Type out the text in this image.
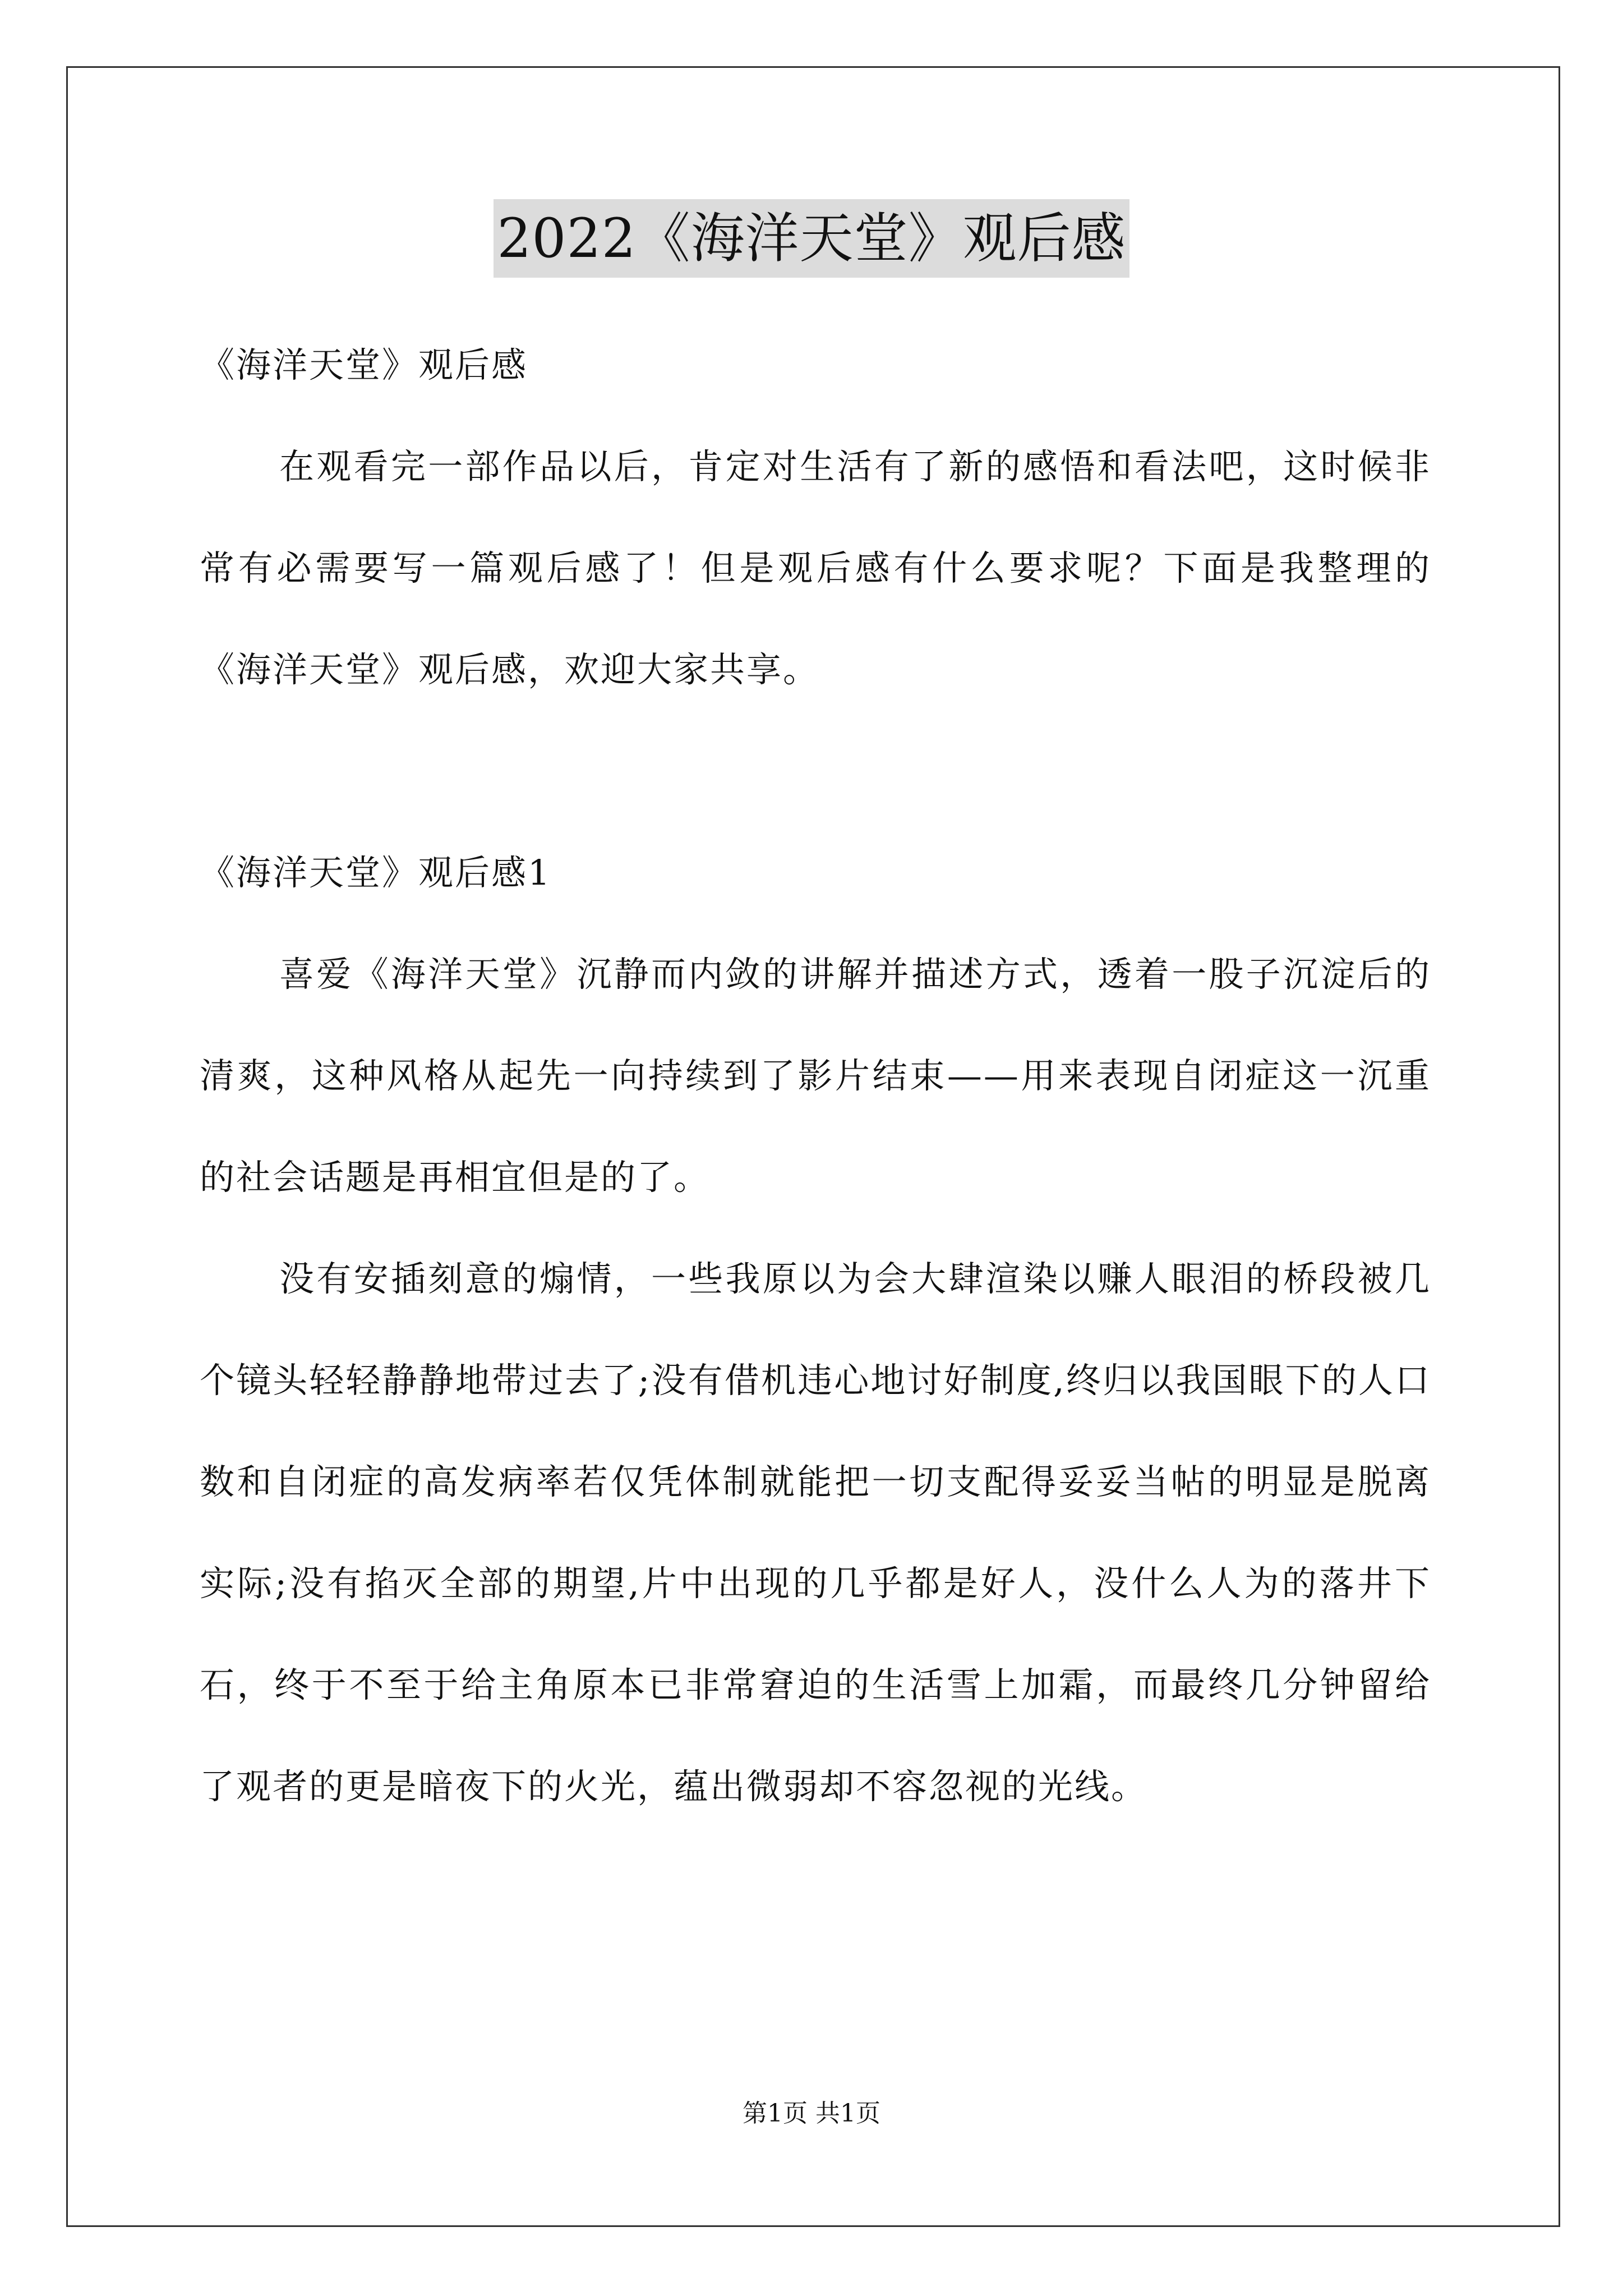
2022《海洋天堂》观后感

《海洋天堂》观后感

在观看完一部作品以后，肯定对生活有了新的感悟和看法吧，这时候非常有必需要写一篇观后感了！但是观后感有什么要求呢？下面是我整理的《海洋天堂》观后感，欢迎大家共享。

《海洋天堂》观后感1

喜爱《海洋天堂》沉静而内敛的讲解并描述方式，透着一股子沉淀后的清爽，这种风格从起先一向持续到了影片结束——用来表现自闭症这一沉重的社会话题是再相宜但是的了。

没有安插刻意的煽情，一些我原以为会大肆渲染以赚人眼泪的桥段被几个镜头轻轻静静地带过去了;没有借机违心地讨好制度,终归以我国眼下的人口数和自闭症的高发病率若仅凭体制就能把一切支配得妥妥当帖的明显是脱离实际;没有掐灭全部的期望,片中出现的几乎都是好人，没什么人为的落井下石，终于不至于给主角原本已非常窘迫的生活雪上加霜，而最终几分钟留给了观者的更是暗夜下的火光，蕴出微弱却不容忽视的光线。

第1页 共1页
